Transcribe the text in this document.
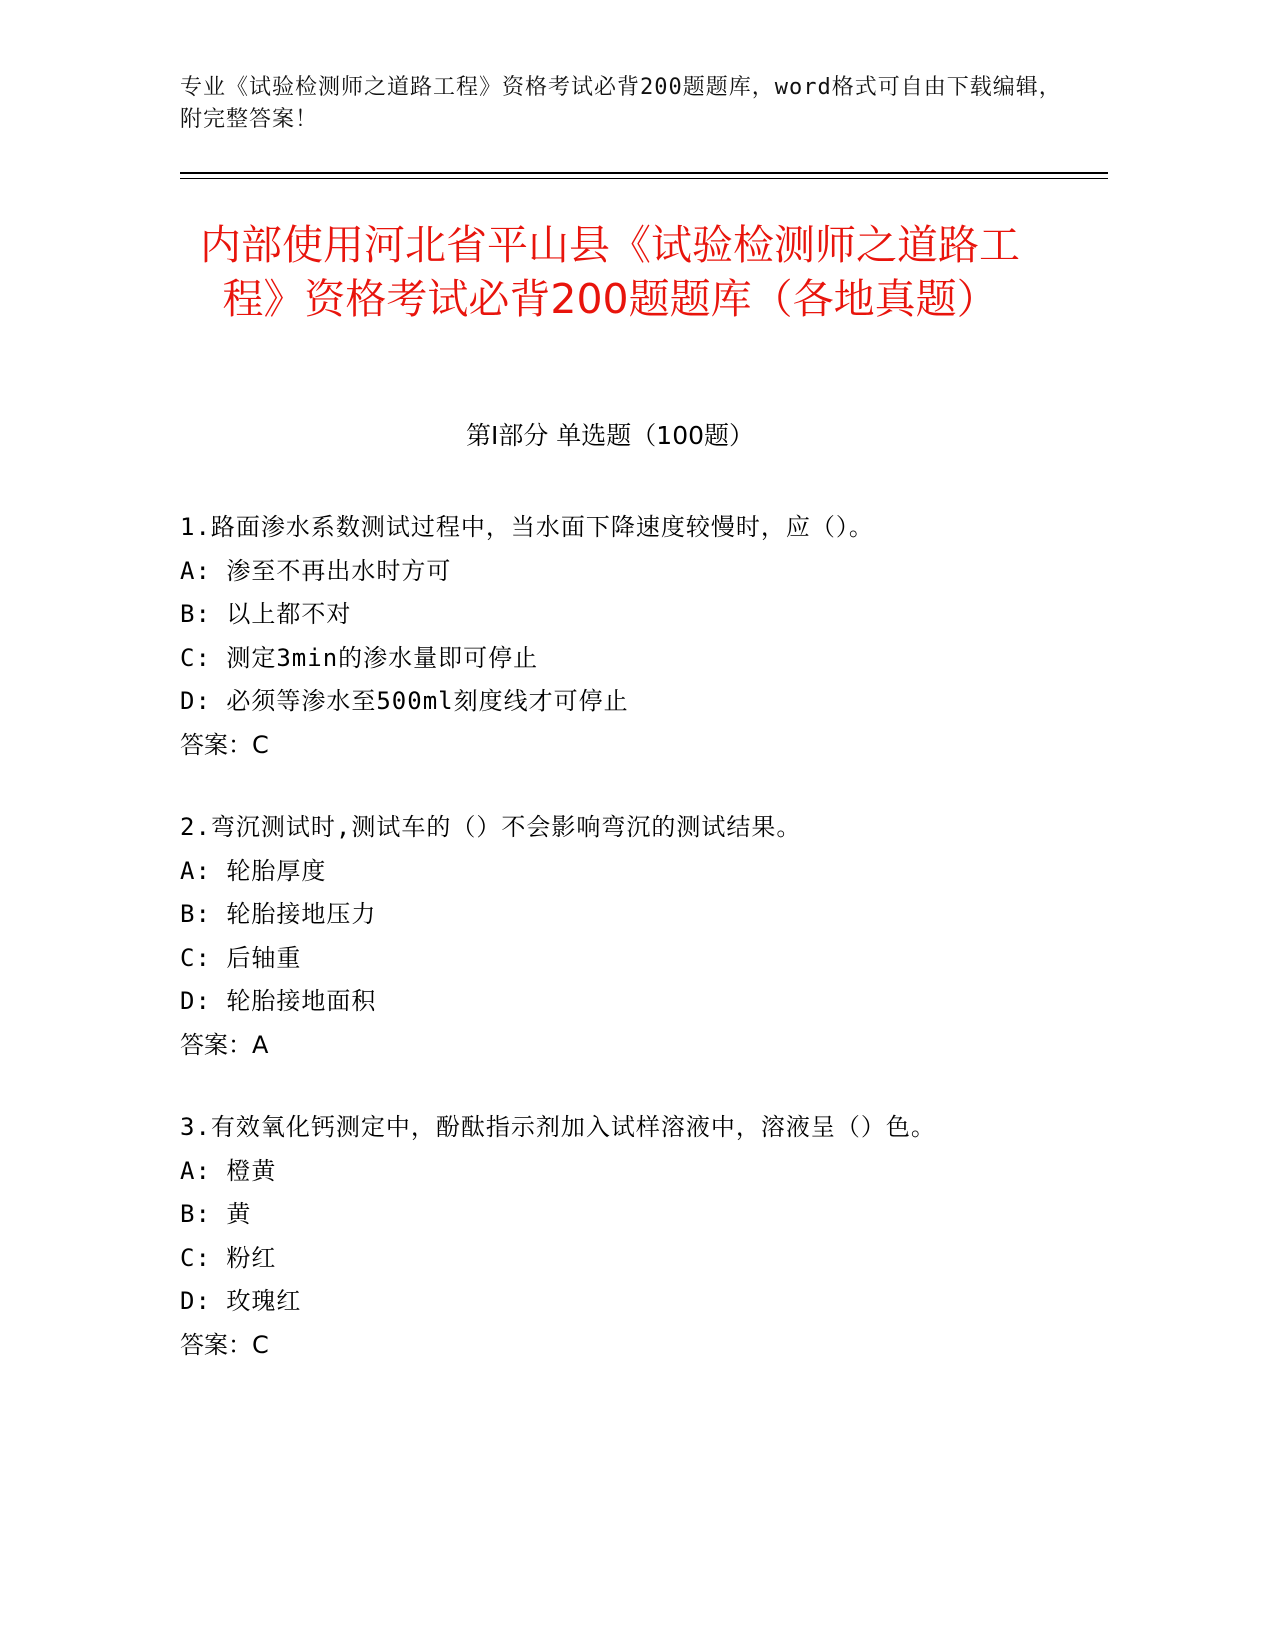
专业《试验检测师之道路工程》资格考试必背200题题库，word格式可自由下载编辑，附完整答案！
内部使用河北省平山县《试验检测师之道路工程》资格考试必背200题题库（各地真题）
第I部分 单选题（100题）
1.路面渗水系数测试过程中，当水面下降速度较慢时，应（）。
A: 渗至不再出水时方可
B: 以上都不对
C: 测定3min的渗水量即可停止
D: 必须等渗水至500ml刻度线才可停止
答案：C
2.弯沉测试时,测试车的（）不会影响弯沉的测试结果。
A: 轮胎厚度
B: 轮胎接地压力
C: 后轴重
D: 轮胎接地面积
答案：A
3.有效氧化钙测定中，酚酞指示剂加入试样溶液中，溶液呈（）色。
A: 橙黄
B: 黄
C: 粉红
D: 玫瑰红
答案：C
